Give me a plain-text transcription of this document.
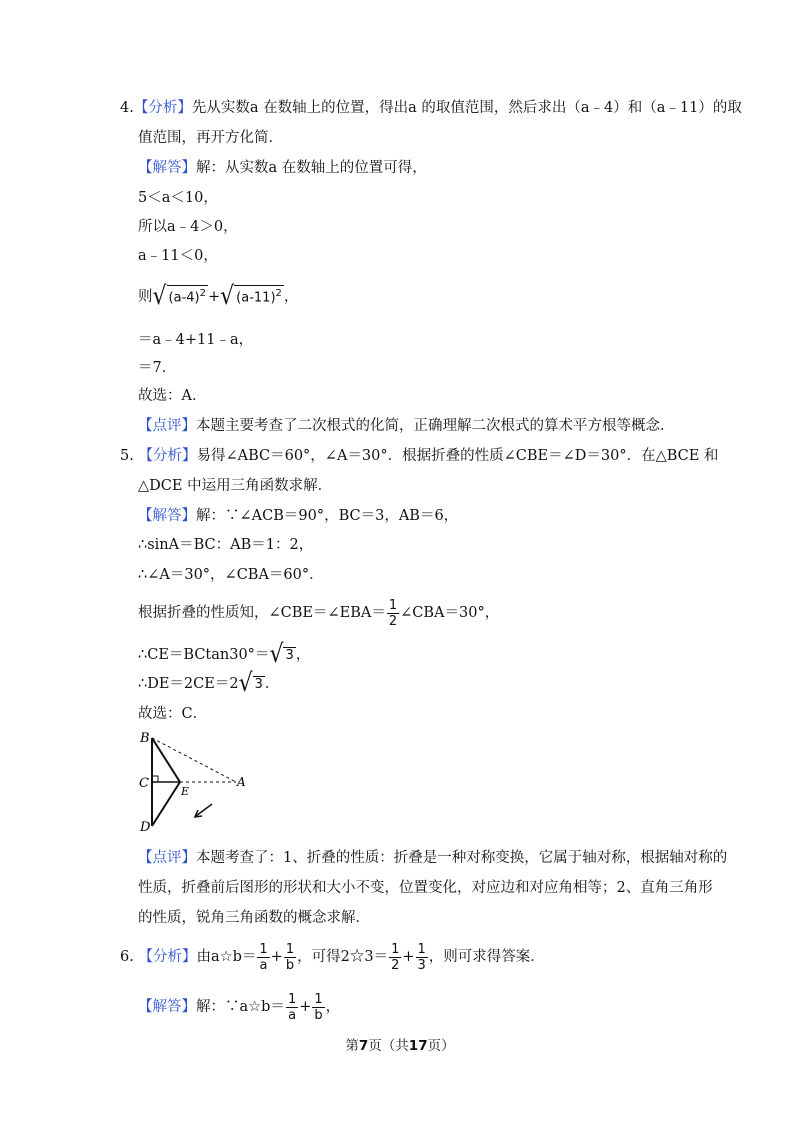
4.【分析】先从实数a 在数轴上的位置，得出a 的取值范围，然后求出（a﹣4）和（a﹣11）的取
值范围，再开方化简．
【解答】解：从实数a 在数轴上的位置可得，
5＜a＜10，
所以a﹣4＞0，
a﹣11＜0，
则√ $(a-4)^2$ +√ $(a-11)^2$ ，
＝a﹣4+11﹣a，
＝7．
故选：A．
【点评】本题主要考查了二次根式的化简，正确理解二次根式的算术平方根等概念．
5. 【分析】易得∠ABC＝60°，∠A＝30°．根据折叠的性质∠CBE＝∠D＝30°．在△BCE 和
△DCE 中运用三角函数求解．
【解答】解：∵∠ACB＝90°，BC＝3，AB＝6，
∴sinA＝BC：AB＝1：2，
∴∠A＝30°，∠CBA＝60°．
根据折叠的性质知，∠CBE＝∠EBA＝ $\frac{1}{2}$ ∠CBA＝30°，
∴CE＝BCtan30°＝√ 3 ，
∴DE＝2CE＝2√ 3 ．
故选：C．
B
C
D
E
A
【点评】本题考查了：1、折叠的性质：折叠是一种对称变换，它属于轴对称，根据轴对称的
性质，折叠前后图形的形状和大小不变，位置变化，对应边和对应角相等；2、直角三角形
的性质，锐角三角函数的概念求解．
6. 【分析】由a☆b＝ $\frac{1}{a} + \frac{1}{b}$ ，可得2☆3＝ $\frac{1}{2} + \frac{1}{3}$ ，则可求得答案．
【解答】解：∵a☆b＝ $\frac{1}{a} + \frac{1}{b}$ ，
第7页（共17页）
